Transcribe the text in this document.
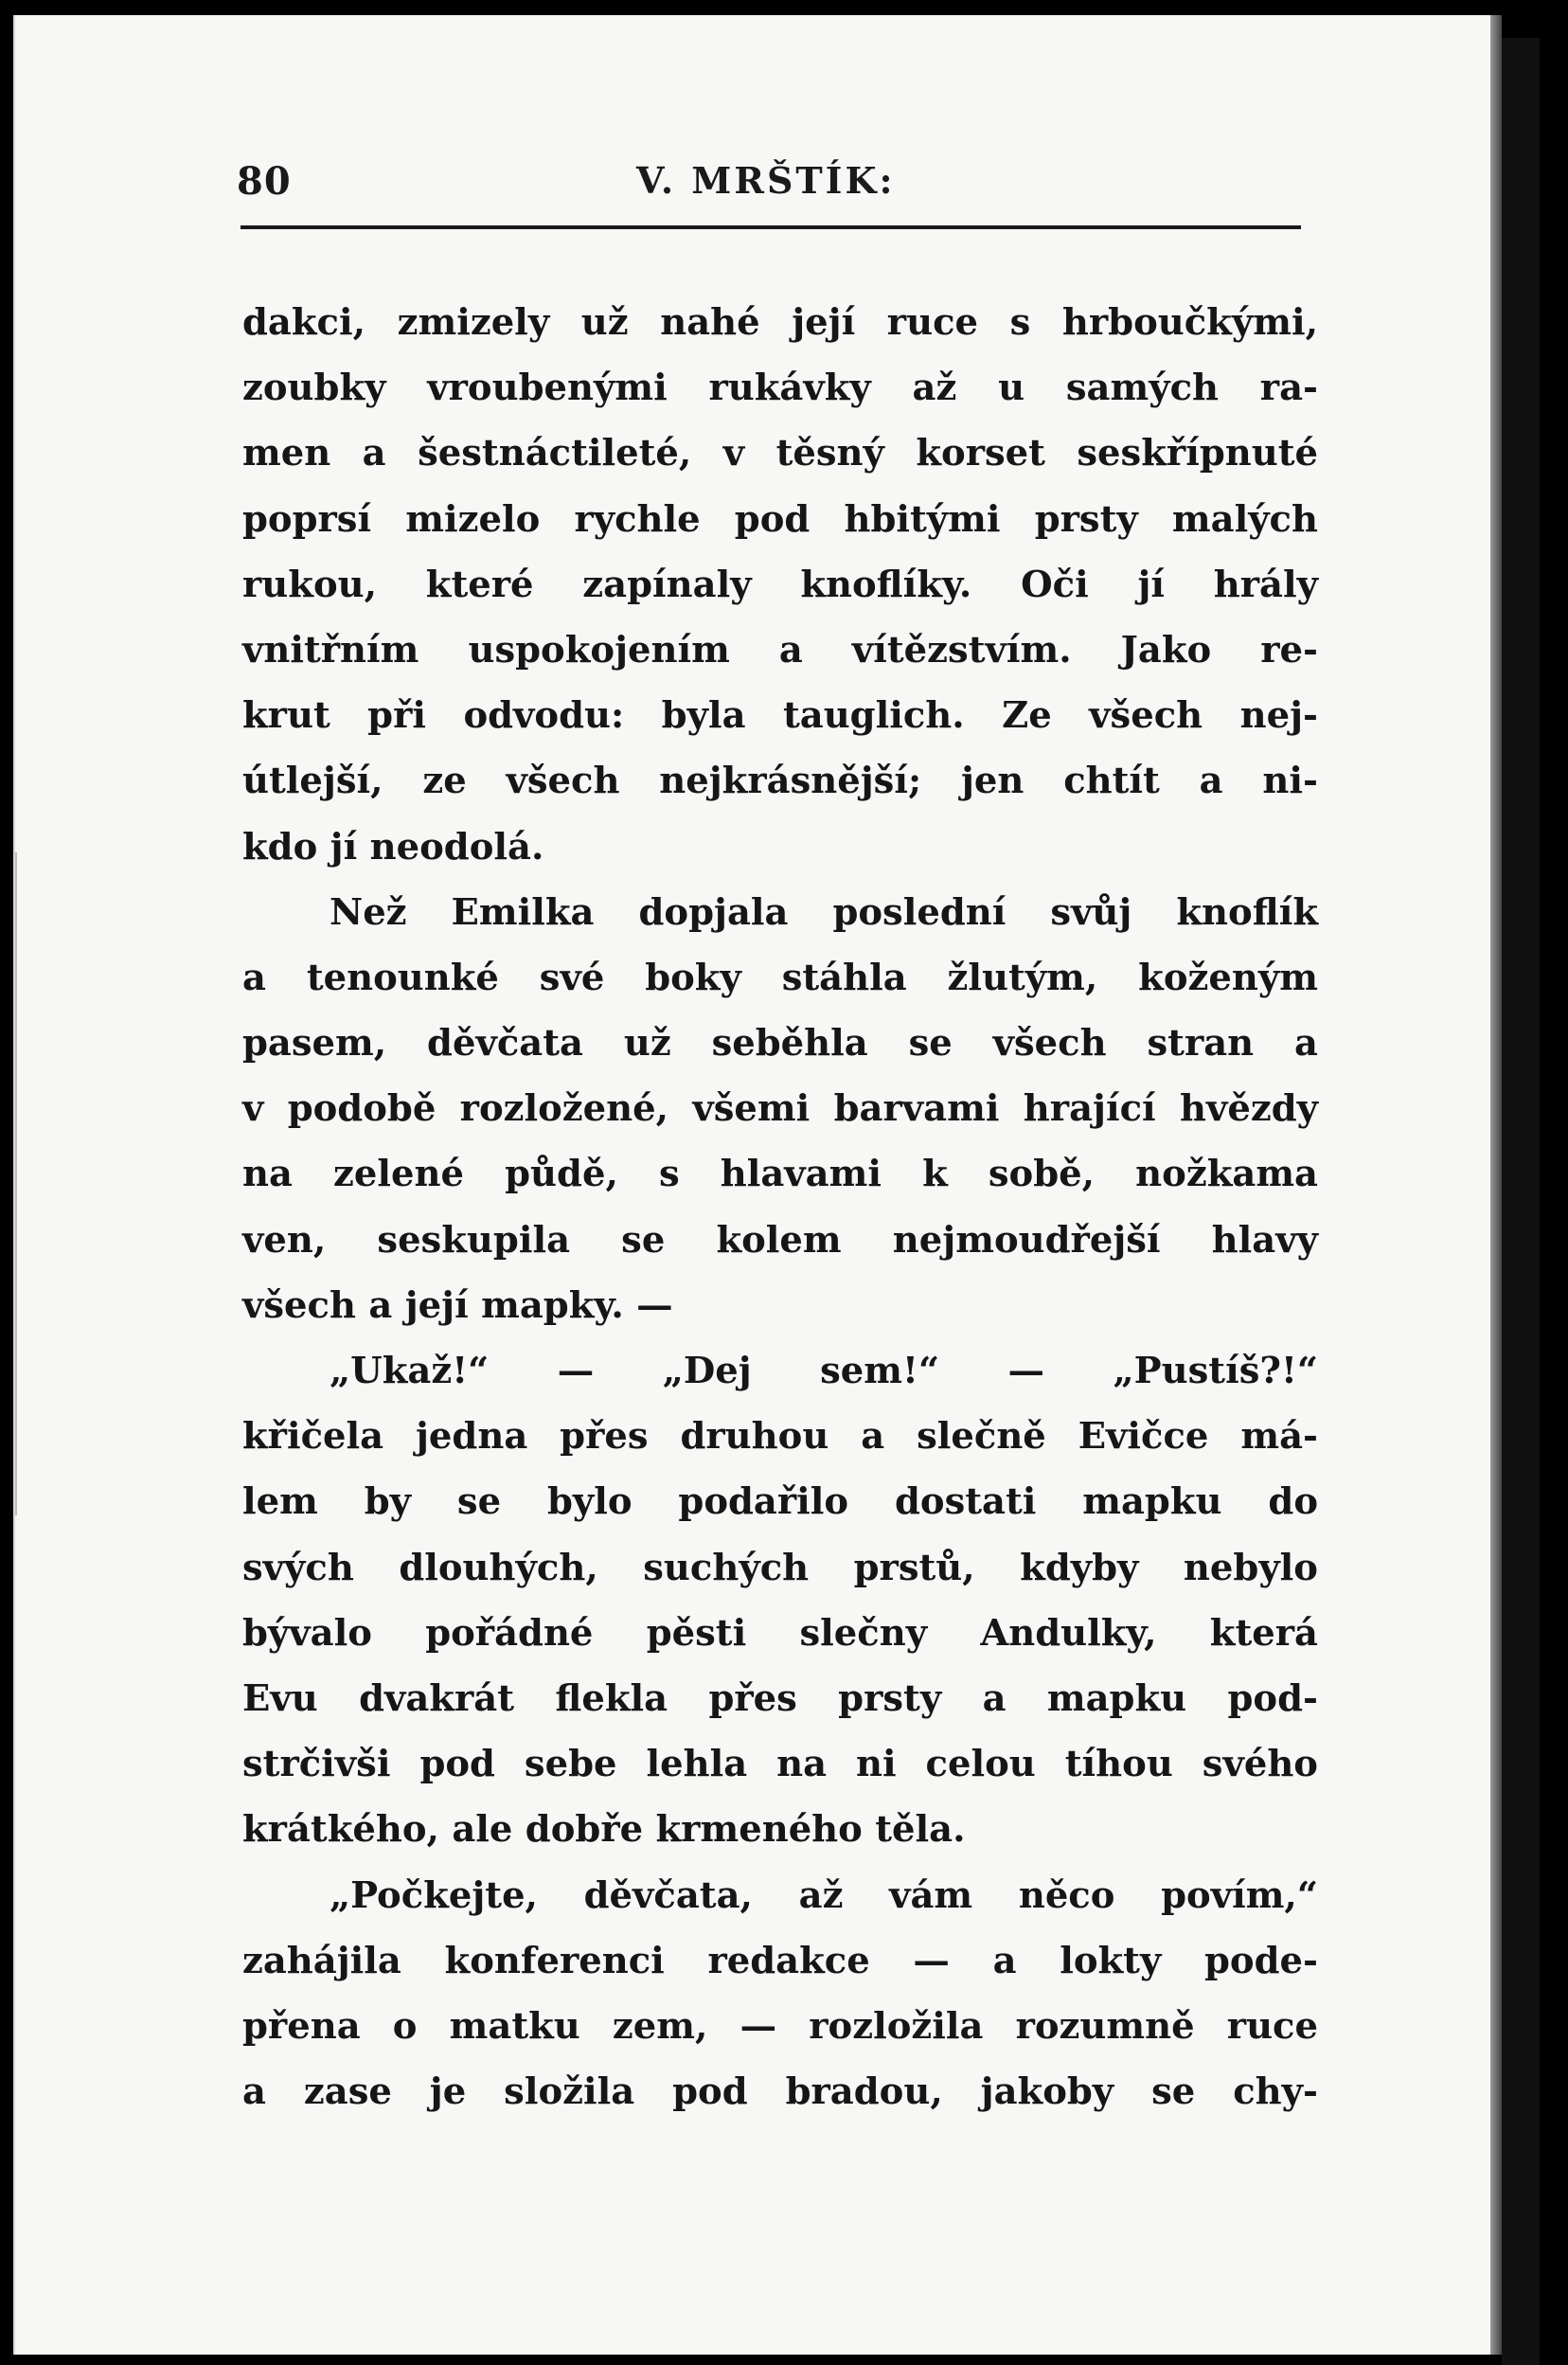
80	V. MRŠTÍK:
dakci, zmizely už nahé její ruce s hrboučkými,
zoubky vroubenými rukávky až u samých ra-
men a šestnáctileté, v těsný korset seskřípnuté
poprsí mizelo rychle pod hbitými prsty malých
rukou, které zapínaly knoflíky. Oči jí hrály
vnitřním uspokojením a vítězstvím. Jako re-
krut při odvodu: byla tauglich. Ze všech nej-
útlejší, ze všech nejkrásnější; jen chtít a ni-
kdo jí neodolá.
Než Emilka dopjala poslední svůj knoflík
a tenounké své boky stáhla žlutým, koženým
pasem, děvčata už seběhla se všech stran a
v podobě rozložené, všemi barvami hrající hvězdy
na zelené půdě, s hlavami k sobě, nožkama
ven, seskupila se kolem nejmoudřejší hlavy
všech a její mapky. —
„Ukaž!“ — „Dej sem!“ — „Pustíš?!“
křičela jedna přes druhou a slečně Evičce má-
lem by se bylo podařilo dostati mapku do
svých dlouhých, suchých prstů, kdyby nebylo
bývalo pořádné pěsti slečny Andulky, která
Evu dvakrát flekla přes prsty a mapku pod-
strčivši pod sebe lehla na ni celou tíhou svého
krátkého, ale dobře krmeného těla.
„Počkejte, děvčata, až vám něco povím,“
zahájila konferenci redakce — a lokty pode-
přena o matku zem, — rozložila rozumně ruce
a zase je složila pod bradou, jakoby se chy-
